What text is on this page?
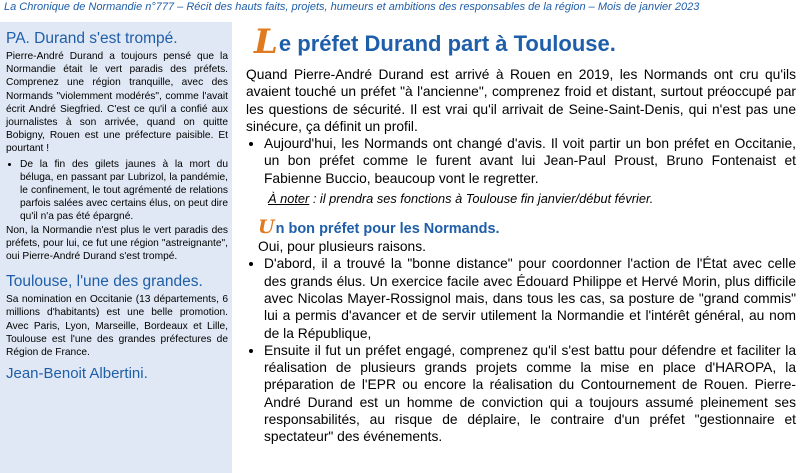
La Chronique de Normandie n°777 – Récit des hauts faits, projets, humeurs et ambitions des responsables de la région – Mois de janvier 2023
PA. Durand s'est trompé.

Pierre-André Durand a toujours pensé que la Normandie était le vert paradis des préfets. Comprenez une région tranquille, avec des Normands "violemment modérés", comme l'avait écrit André Siegfried. C'est ce qu'il a confié aux journalistes à son arrivée, quand on quitte Bobigny, Rouen est une préfecture paisible. Et pourtant !

• De la fin des gilets jaunes à la mort du béluga, en passant par Lubrizol, la pandémie, le confinement, le tout agrémenté de relations parfois salées avec certains élus, on peut dire qu'il n'a pas été épargné.

Non, la Normandie n'est plus le vert paradis des préfets, pour lui, ce fut une région "astreignante", oui Pierre-André Durand s'est trompé.

Toulouse, l'une des grandes.

Sa nomination en Occitanie (13 départements, 6 millions d'habitants) est une belle promotion. Avec Paris, Lyon, Marseille, Bordeaux et Lille, Toulouse est l'une des grandes préfectures de Région de France.

Jean-Benoit Albertini.
Le préfet Durand part à Toulouse.

Quand Pierre-André Durand est arrivé à Rouen en 2019, les Normands ont cru qu'ils avaient touché un préfet "à l'ancienne", comprenez froid et distant, surtout préoccupé par les questions de sécurité. Il est vrai qu'il arrivait de Seine-Saint-Denis, qui n'est pas une sinécure, ça définit un profil.

• Aujourd'hui, les Normands ont changé d'avis. Il voit partir un bon préfet en Occitanie, un bon préfet comme le furent avant lui Jean-Paul Proust, Bruno Fontenaist et Fabienne Buccio, beaucoup vont le regretter.
À noter : il prendra ses fonctions à Toulouse fin janvier/début février.
Un bon préfet pour les Normands.

Oui, pour plusieurs raisons.

• D'abord, il a trouvé la "bonne distance" pour coordonner l'action de l'État avec celle des grands élus. Un exercice facile avec Édouard Philippe et Hervé Morin, plus difficile avec Nicolas Mayer-Rossignol mais, dans tous les cas, sa posture de "grand commis" lui a permis d'avancer et de servir utilement la Normandie et l'intérêt général, au nom de la République,
• Ensuite il fut un préfet engagé, comprenez qu'il s'est battu pour défendre et faciliter la réalisation de plusieurs grands projets comme la mise en place d'HAROPA, la préparation de l'EPR ou encore la réalisation du Contournement de Rouen. Pierre-André Durand est un homme de conviction qui a toujours assumé pleinement ses responsabilités, au risque de déplaire, le contraire d'un préfet "gestionnaire et spectateur" des événements.
